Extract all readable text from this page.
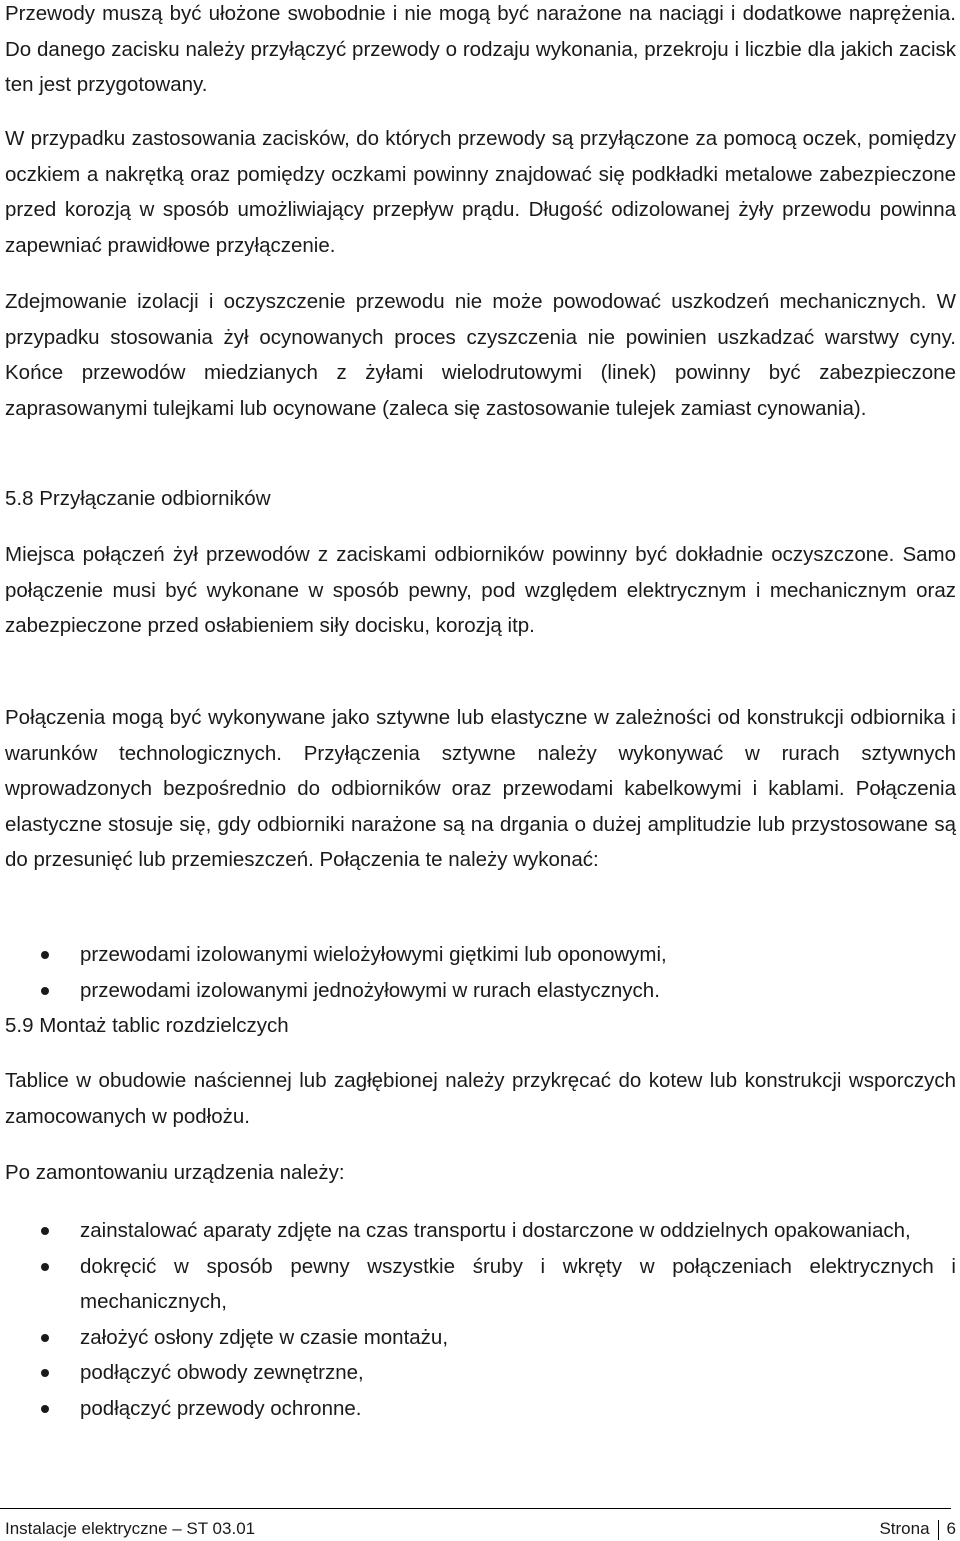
Przewody muszą być ułożone swobodnie i nie mogą być narażone na naciągi i dodatkowe naprężenia. Do danego zacisku należy przyłączyć przewody o rodzaju wykonania, przekroju i liczbie dla jakich zacisk ten jest przygotowany.

W przypadku zastosowania zacisków, do których przewody są przyłączone za pomocą oczek, pomiędzy oczkiem a nakrętką oraz pomiędzy oczkami powinny znajdować się podkładki metalowe zabezpieczone przed korozją w sposób umożliwiający przepływ prądu. Długość odizolowanej żyły przewodu powinna zapewniać prawidłowe przyłączenie.

Zdejmowanie izolacji i oczyszczenie przewodu nie może powodować uszkodzeń mechanicznych. W przypadku stosowania żył ocynowanych proces czyszczenia nie powinien uszkadzać warstwy cyny. Końce przewodów miedzianych z żyłami wielodrutowymi (linek) powinny być zabezpieczone zaprasowanymi tulejkami lub ocynowane (zaleca się zastosowanie tulejek zamiast cynowania).

5.8 Przyłączanie odbiorników

Miejsca połączeń żył przewodów z zaciskami odbiorników powinny być dokładnie oczyszczone. Samo połączenie musi być wykonane w sposób pewny, pod względem elektrycznym i mechanicznym oraz zabezpieczone przed osłabieniem siły docisku, korozją itp.

Połączenia mogą być wykonywane jako sztywne lub elastyczne w zależności od konstrukcji odbiornika i warunków technologicznych. Przyłączenia sztywne należy wykonywać w rurach sztywnych wprowadzonych bezpośrednio do odbiorników oraz przewodami kabelkowymi i kablami. Połączenia elastyczne stosuje się, gdy odbiorniki narażone są na drgania o dużej amplitudzie lub przystosowane są do przesunięć lub przemieszczeń. Połączenia te należy wykonać:

przewodami izolowanymi wielożyłowymi giętkimi lub oponowymi,
przewodami izolowanymi jednożyłowymi w rurach elastycznych.

5.9 Montaż tablic rozdzielczych

Tablice w obudowie naściennej lub zagłębionej należy przykręcać do kotew lub konstrukcji wsporczych zamocowanych w podłożu.

Po zamontowaniu urządzenia należy:

zainstalować aparaty zdjęte na czas transportu i dostarczone w oddzielnych opakowaniach,
dokręcić w sposób pewny wszystkie śruby i wkręty w połączeniach elektrycznych i mechanicznych,
założyć osłony zdjęte w czasie montażu,
podłączyć obwody zewnętrzne,
podłączyć przewody ochronne.
Instalacje elektryczne – ST 03.01	Strona 6
